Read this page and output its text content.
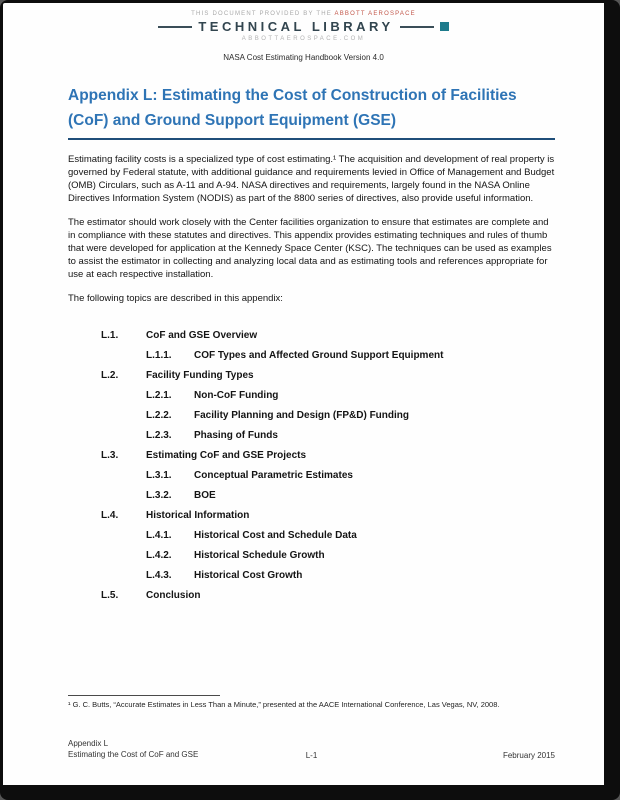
THIS DOCUMENT PROVIDED BY THE ABBOTT AEROSPACE
TECHNICAL LIBRARY
ABBOTTAEROSPACE.COM
NASA Cost Estimating Handbook Version 4.0
Appendix L: Estimating the Cost of Construction of Facilities (CoF) and Ground Support Equipment (GSE)

Estimating facility costs is a specialized type of cost estimating.¹ The acquisition and development of real property is governed by Federal statute, with additional guidance and requirements levied in Office of Management and Budget (OMB) Circulars, such as A-11 and A-94. NASA directives and requirements, largely found in the NASA Online Directives Information System (NODIS) as part of the 8800 series of directives, also provide useful information.

The estimator should work closely with the Center facilities organization to ensure that estimates are complete and in compliance with these statutes and directives. This appendix provides estimating techniques and rules of thumb that were developed for application at the Kennedy Space Center (KSC). The techniques can be used as examples to assist the estimator in collecting and analyzing local data and as estimating tools and references appropriate for use at each respective installation.

The following topics are described in this appendix:

L.1.	CoF and GSE Overview
L.1.1.	COF Types and Affected Ground Support Equipment
L.2.	Facility Funding Types
L.2.1.	Non-CoF Funding
L.2.2.	Facility Planning and Design (FP&D) Funding
L.2.3.	Phasing of Funds
L.3.	Estimating CoF and GSE Projects
L.3.1.	Conceptual Parametric Estimates
L.3.2.	BOE
L.4.	Historical Information
L.4.1.	Historical Cost and Schedule Data
L.4.2.	Historical Schedule Growth
L.4.3.	Historical Cost Growth
L.5.	Conclusion
¹ G. C. Butts, “Accurate Estimates in Less Than a Minute,” presented at the AACE International Conference, Las Vegas, NV, 2008.
Appendix L
Estimating the Cost of CoF and GSE	L-1	February 2015
